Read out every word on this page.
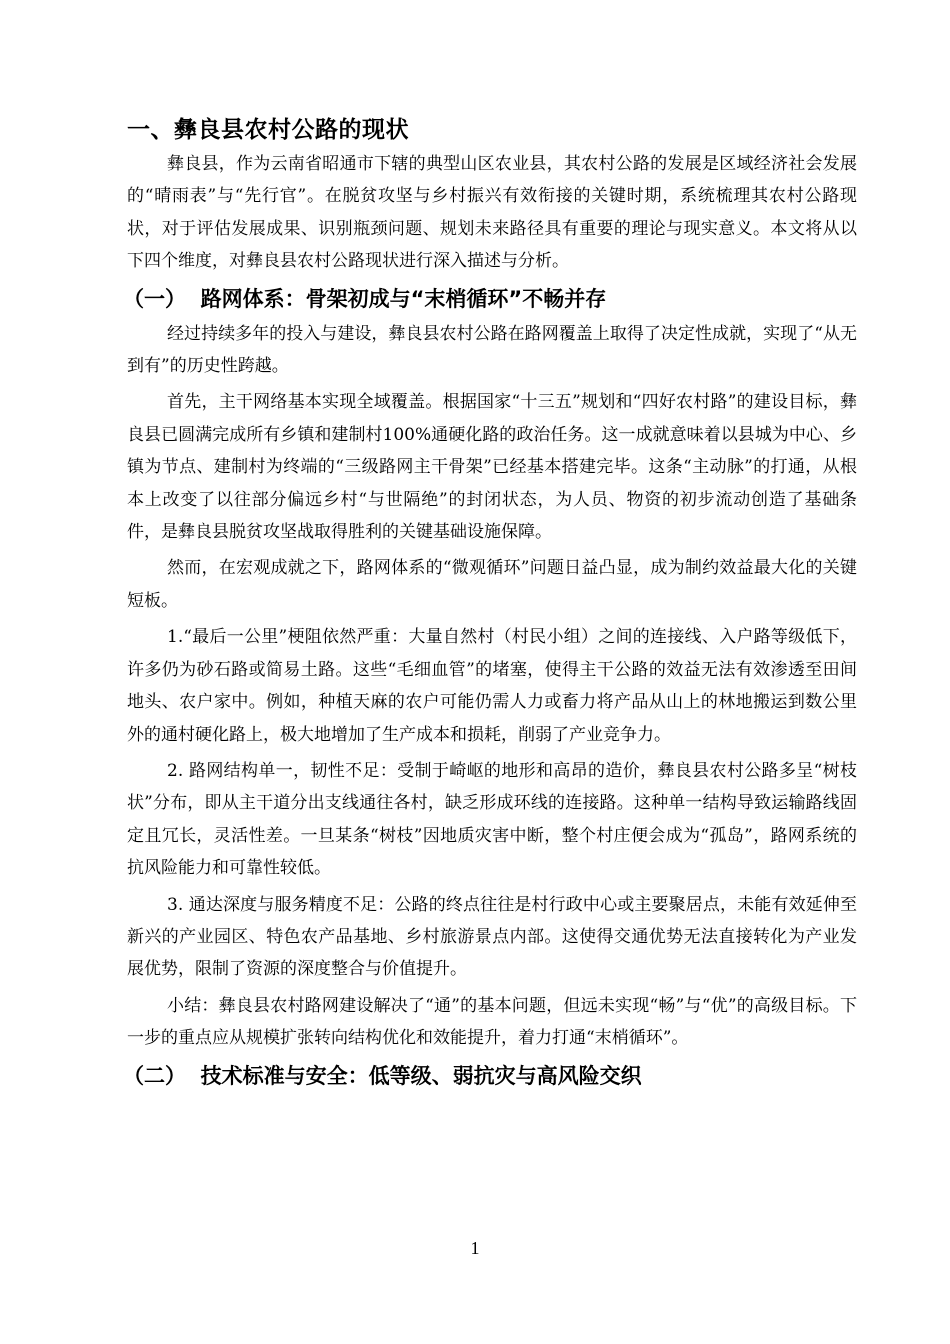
一、彝良县农村公路的现状

彝良县，作为云南省昭通市下辖的典型山区农业县，其农村公路的发展是区域经济社会发展的“晴雨表”与“先行官”。在脱贫攻坚与乡村振兴有效衔接的关键时期，系统梳理其农村公路现状，对于评估发展成果、识别瓶颈问题、规划未来路径具有重要的理论与现实意义。本文将从以下四个维度，对彝良县农村公路现状进行深入描述与分析。

（一）  路网体系：骨架初成与“末梢循环”不畅并存

经过持续多年的投入与建设，彝良县农村公路在路网覆盖上取得了决定性成就，实现了“从无到有”的历史性跨越。

首先，主干网络基本实现全域覆盖。根据国家“十三五”规划和“四好农村路”的建设目标，彝良县已圆满完成所有乡镇和建制村100%通硬化路的政治任务。这一成就意味着以县城为中心、乡镇为节点、建制村为终端的“三级路网主干骨架”已经基本搭建完毕。这条“主动脉”的打通，从根本上改变了以往部分偏远乡村“与世隔绝”的封闭状态，为人员、物资的初步流动创造了基础条件，是彝良县脱贫攻坚战取得胜利的关键基础设施保障。

然而，在宏观成就之下，路网体系的“微观循环”问题日益凸显，成为制约效益最大化的关键短板。

1.“最后一公里”梗阻依然严重：大量自然村（村民小组）之间的连接线、入户路等级低下，许多仍为砂石路或简易土路。这些“毛细血管”的堵塞，使得主干公路的效益无法有效渗透至田间地头、农户家中。例如，种植天麻的农户可能仍需人力或畜力将产品从山上的林地搬运到数公里外的通村硬化路上，极大地增加了生产成本和损耗，削弱了产业竞争力。

2. 路网结构单一，韧性不足：受制于崎岖的地形和高昂的造价，彝良县农村公路多呈“树枝状”分布，即从主干道分出支线通往各村，缺乏形成环线的连接路。这种单一结构导致运输路线固定且冗长，灵活性差。一旦某条“树枝”因地质灾害中断，整个村庄便会成为“孤岛”，路网系统的抗风险能力和可靠性较低。

3. 通达深度与服务精度不足：公路的终点往往是村行政中心或主要聚居点，未能有效延伸至新兴的产业园区、特色农产品基地、乡村旅游景点内部。这使得交通优势无法直接转化为产业发展优势，限制了资源的深度整合与价值提升。

小结：彝良县农村路网建设解决了“通”的基本问题，但远未实现“畅”与“优”的高级目标。下一步的重点应从规模扩张转向结构优化和效能提升，着力打通“末梢循环”。

（二）  技术标准与安全：低等级、弱抗灾与高风险交织
1
